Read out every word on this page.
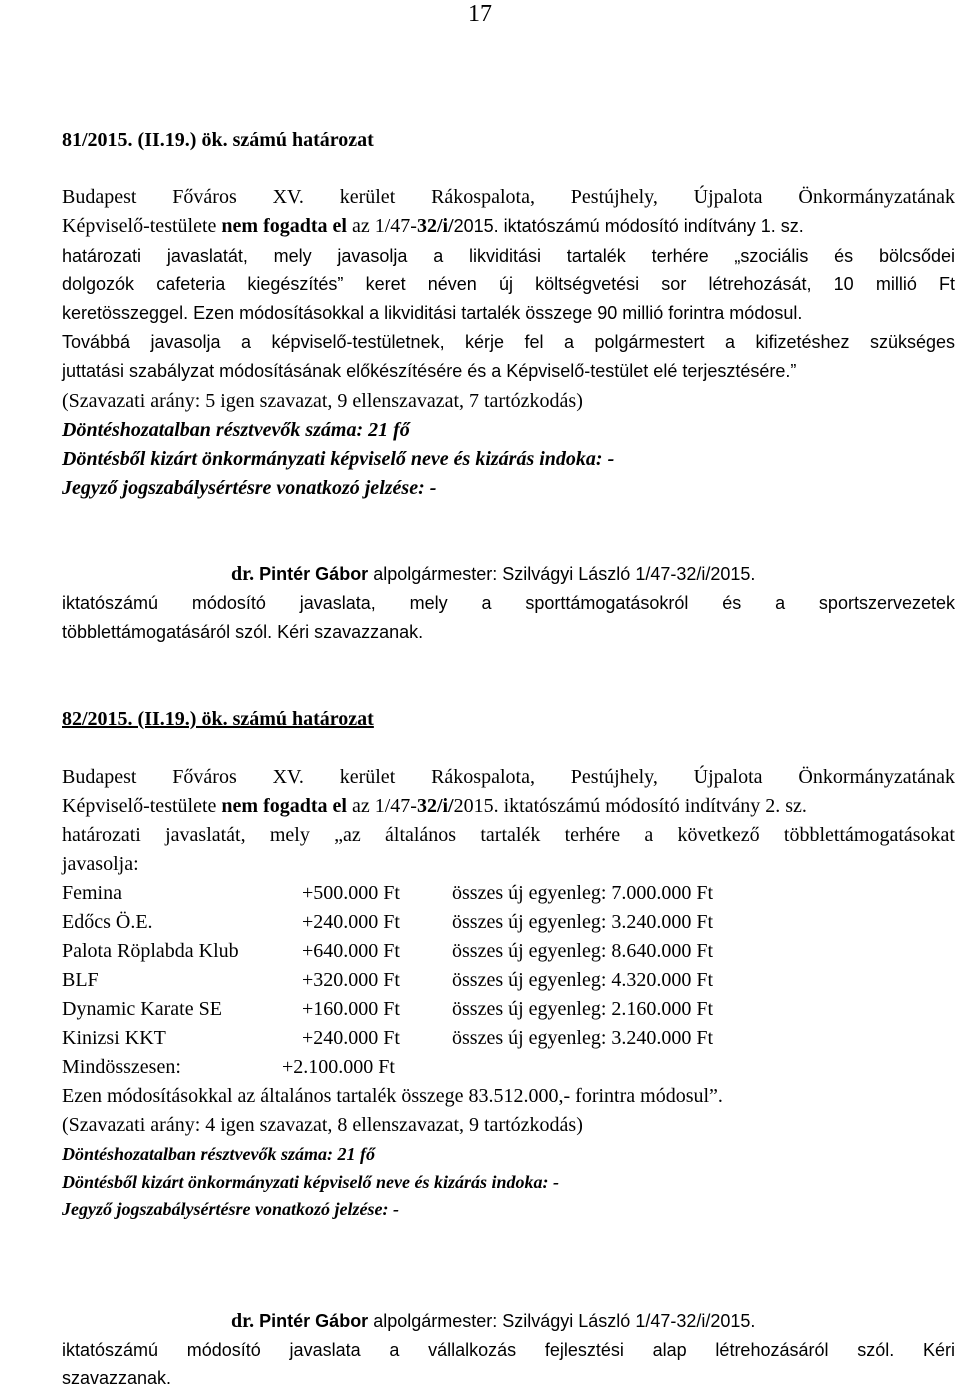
17
81/2015. (II.19.) ök. számú határozat
Budapest Főváros XV. kerület Rákospalota, Pestújhely, Újpalota Önkormányzatának
Képviselő-testülete nem fogadta el az 1/47-32/i/2015. iktatószámú módosító indítvány 1. sz.
határozati javaslatát, mely javasolja a likviditási tartalék terhére „szociális és bölcsődei
dolgozók cafeteria kiegészítés” keret néven új költségvetési sor létrehozását, 10 millió Ft
keretösszeggel. Ezen módosításokkal a likviditási tartalék összege 90 millió forintra módosul.
Továbbá javasolja a képviselő-testületnek, kérje fel a polgármestert a kifizetéshez szükséges
juttatási szabályzat módosításának előkészítésére és a Képviselő-testület elé terjesztésére.”
(Szavazati arány: 5 igen szavazat, 9 ellenszavazat, 7 tartózkodás)
Döntéshozatalban résztvevők száma: 21 fő
Döntésből kizárt önkormányzati képviselő neve és kizárás indoka: -
Jegyző jogszabálysértésre vonatkozó jelzése: -
dr. Pintér Gábor alpolgármester: Szilvágyi László 1/47-32/i/2015.
iktatószámú módosító javaslata, mely a sporttámogatásokról és a sportszervezetek
többlettámogatásáról szól. Kéri szavazzanak.
82/2015. (II.19.) ök. számú határozat
Budapest Főváros XV. kerület Rákospalota, Pestújhely, Újpalota Önkormányzatának
Képviselő-testülete nem fogadta el az 1/47-32/i/2015. iktatószámú módosító indítvány 2. sz.
határozati javaslatát, mely „az általános tartalék terhére a következő többlettámogatásokat
javasolja:
Femina	+500.000 Ft	összes új egyenleg: 7.000.000 Ft
Edőcs Ö.E.	+240.000 Ft	összes új egyenleg: 3.240.000 Ft
Palota Röplabda Klub	+640.000 Ft	összes új egyenleg: 8.640.000 Ft
BLF	+320.000 Ft	összes új egyenleg: 4.320.000 Ft
Dynamic Karate SE	+160.000 Ft	összes új egyenleg: 2.160.000 Ft
Kinizsi KKT	+240.000 Ft	összes új egyenleg: 3.240.000 Ft
Mindösszesen:	+2.100.000 Ft
Ezen módosításokkal az általános tartalék összege 83.512.000,- forintra módosul”.
(Szavazati arány: 4 igen szavazat, 8 ellenszavazat, 9 tartózkodás)
Döntéshozatalban résztvevők száma: 21 fő
Döntésből kizárt önkormányzati képviselő neve és kizárás indoka: -
Jegyző jogszabálysértésre vonatkozó jelzése: -
dr. Pintér Gábor alpolgármester: Szilvágyi László 1/47-32/i/2015.
iktatószámú módosító javaslata a vállalkozás fejlesztési alap létrehozásáról szól. Kéri
szavazzanak.
